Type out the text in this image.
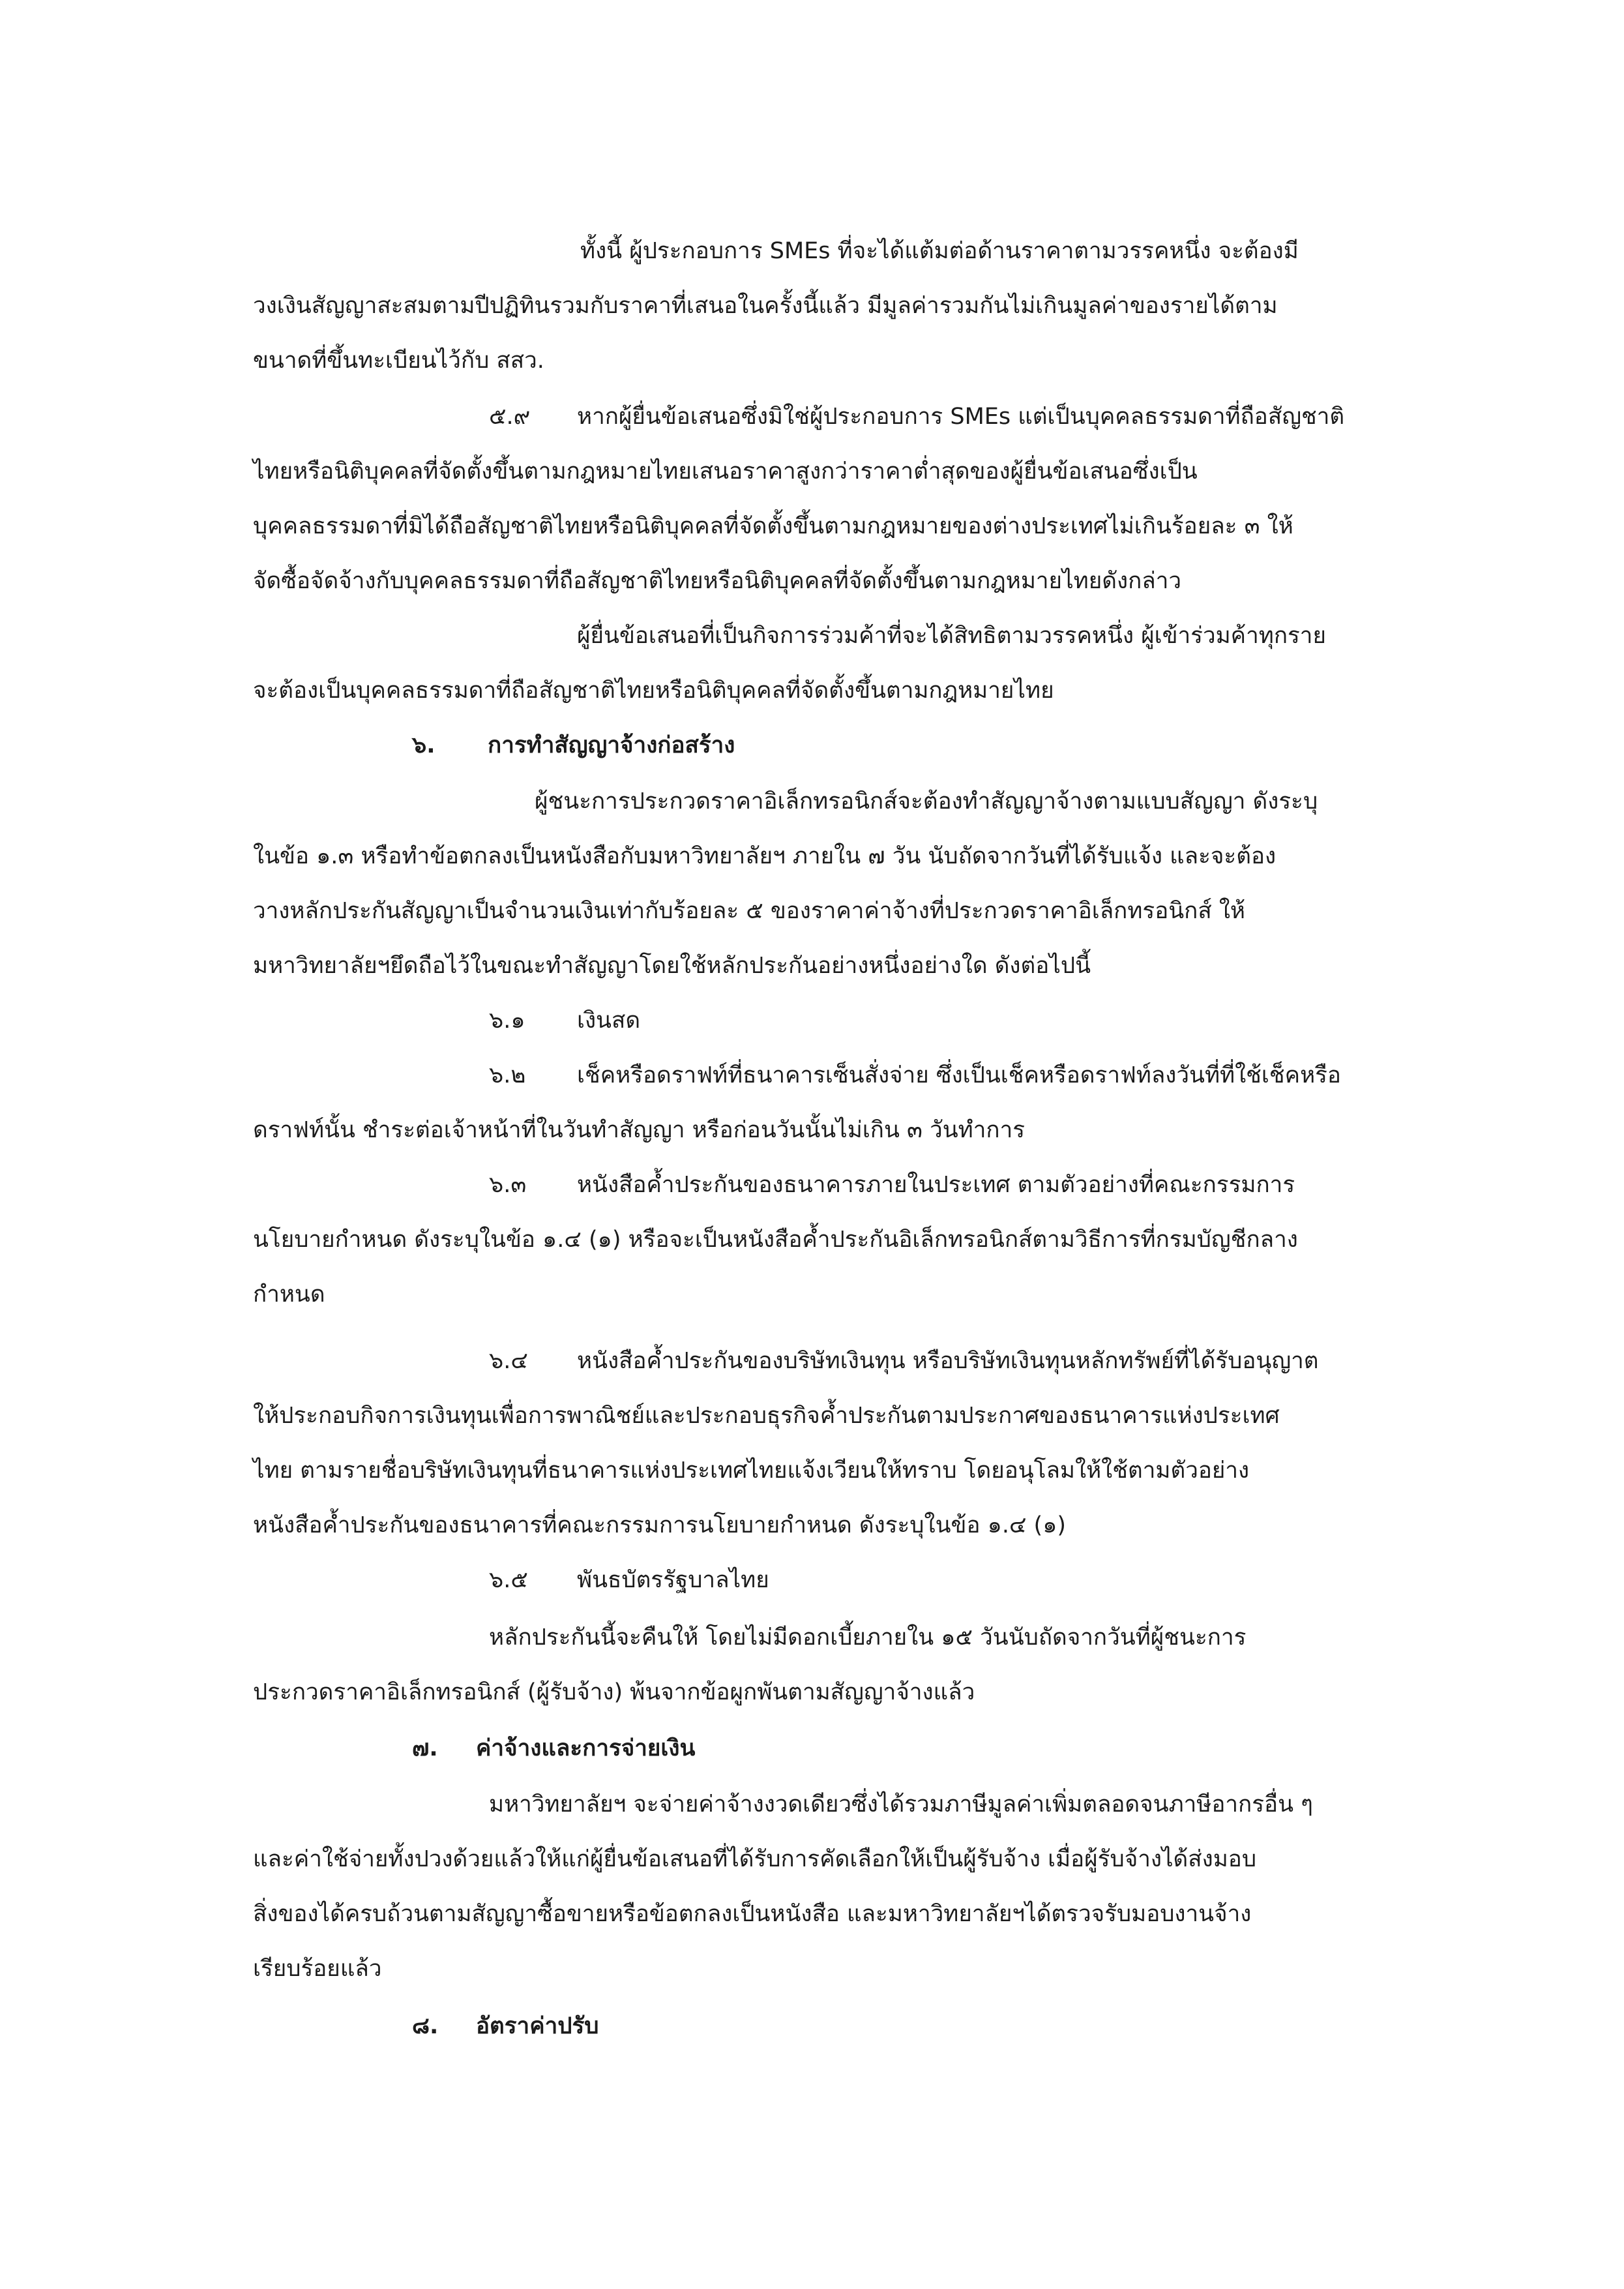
ทั้งนี้ ผู้ประกอบการ SMEs ที่จะได้แต้มต่อด้านราคาตามวรรคหนึ่ง จะต้องมี
วงเงินสัญญาสะสมตามปีปฏิทินรวมกับราคาที่เสนอในครั้งนี้แล้ว มีมูลค่ารวมกันไม่เกินมูลค่าของรายได้ตาม
ขนาดที่ขึ้นทะเบียนไว้กับ สสว.
๕.๙ หากผู้ยื่นข้อเสนอซึ่งมิใช่ผู้ประกอบการ SMEs แต่เป็นบุคคลธรรมดาที่ถือสัญชาติ
ไทยหรือนิติบุคคลที่จัดตั้งขึ้นตามกฎหมายไทยเสนอราคาสูงกว่าราคาต่ำสุดของผู้ยื่นข้อเสนอซึ่งเป็น
บุคคลธรรมดาที่มิได้ถือสัญชาติไทยหรือนิติบุคคลที่จัดตั้งขึ้นตามกฎหมายของต่างประเทศไม่เกินร้อยละ ๓ ให้
จัดซื้อจัดจ้างกับบุคคลธรรมดาที่ถือสัญชาติไทยหรือนิติบุคคลที่จัดตั้งขึ้นตามกฎหมายไทยดังกล่าว
ผู้ยื่นข้อเสนอที่เป็นกิจการร่วมค้าที่จะได้สิทธิตามวรรคหนึ่ง ผู้เข้าร่วมค้าทุกราย
จะต้องเป็นบุคคลธรรมดาที่ถือสัญชาติไทยหรือนิติบุคคลที่จัดตั้งขึ้นตามกฎหมายไทย
๖. การทำสัญญาจ้างก่อสร้าง
ผู้ชนะการประกวดราคาอิเล็กทรอนิกส์จะต้องทำสัญญาจ้างตามแบบสัญญา ดังระบุ
ในข้อ ๑.๓ หรือทำข้อตกลงเป็นหนังสือกับมหาวิทยาลัยฯ ภายใน ๗ วัน นับถัดจากวันที่ได้รับแจ้ง และจะต้อง
วางหลักประกันสัญญาเป็นจำนวนเงินเท่ากับร้อยละ ๕ ของราคาค่าจ้างที่ประกวดราคาอิเล็กทรอนิกส์ ให้
มหาวิทยาลัยฯยึดถือไว้ในขณะทำสัญญาโดยใช้หลักประกันอย่างหนึ่งอย่างใด ดังต่อไปนี้
๖.๑ เงินสด
๖.๒ เช็คหรือดราฟท์ที่ธนาคารเซ็นสั่งจ่าย ซึ่งเป็นเช็คหรือดราฟท์ลงวันที่ที่ใช้เช็คหรือ
ดราฟท์นั้น ชำระต่อเจ้าหน้าที่ในวันทำสัญญา หรือก่อนวันนั้นไม่เกิน ๓ วันทำการ
๖.๓ หนังสือค้ำประกันของธนาคารภายในประเทศ ตามตัวอย่างที่คณะกรรมการ
นโยบายกำหนด ดังระบุในข้อ ๑.๔ (๑) หรือจะเป็นหนังสือค้ำประกันอิเล็กทรอนิกส์ตามวิธีการที่กรมบัญชีกลาง
กำหนด
๖.๔ หนังสือค้ำประกันของบริษัทเงินทุน หรือบริษัทเงินทุนหลักทรัพย์ที่ได้รับอนุญาต
ให้ประกอบกิจการเงินทุนเพื่อการพาณิชย์และประกอบธุรกิจค้ำประกันตามประกาศของธนาคารแห่งประเทศ
ไทย ตามรายชื่อบริษัทเงินทุนที่ธนาคารแห่งประเทศไทยแจ้งเวียนให้ทราบ โดยอนุโลมให้ใช้ตามตัวอย่าง
หนังสือค้ำประกันของธนาคารที่คณะกรรมการนโยบายกำหนด ดังระบุในข้อ ๑.๔ (๑)
๖.๕ พันธบัตรรัฐบาลไทย
หลักประกันนี้จะคืนให้ โดยไม่มีดอกเบี้ยภายใน ๑๕ วันนับถัดจากวันที่ผู้ชนะการ
ประกวดราคาอิเล็กทรอนิกส์ (ผู้รับจ้าง) พ้นจากข้อผูกพันตามสัญญาจ้างแล้ว
๗. ค่าจ้างและการจ่ายเงิน
มหาวิทยาลัยฯ จะจ่ายค่าจ้างงวดเดียวซึ่งได้รวมภาษีมูลค่าเพิ่มตลอดจนภาษีอากรอื่น ๆ
และค่าใช้จ่ายทั้งปวงด้วยแล้วให้แก่ผู้ยื่นข้อเสนอที่ได้รับการคัดเลือกให้เป็นผู้รับจ้าง เมื่อผู้รับจ้างได้ส่งมอบ
สิ่งของได้ครบถ้วนตามสัญญาซื้อขายหรือข้อตกลงเป็นหนังสือ และมหาวิทยาลัยฯได้ตรวจรับมอบงานจ้าง
เรียบร้อยแล้ว
๘. อัตราค่าปรับ
